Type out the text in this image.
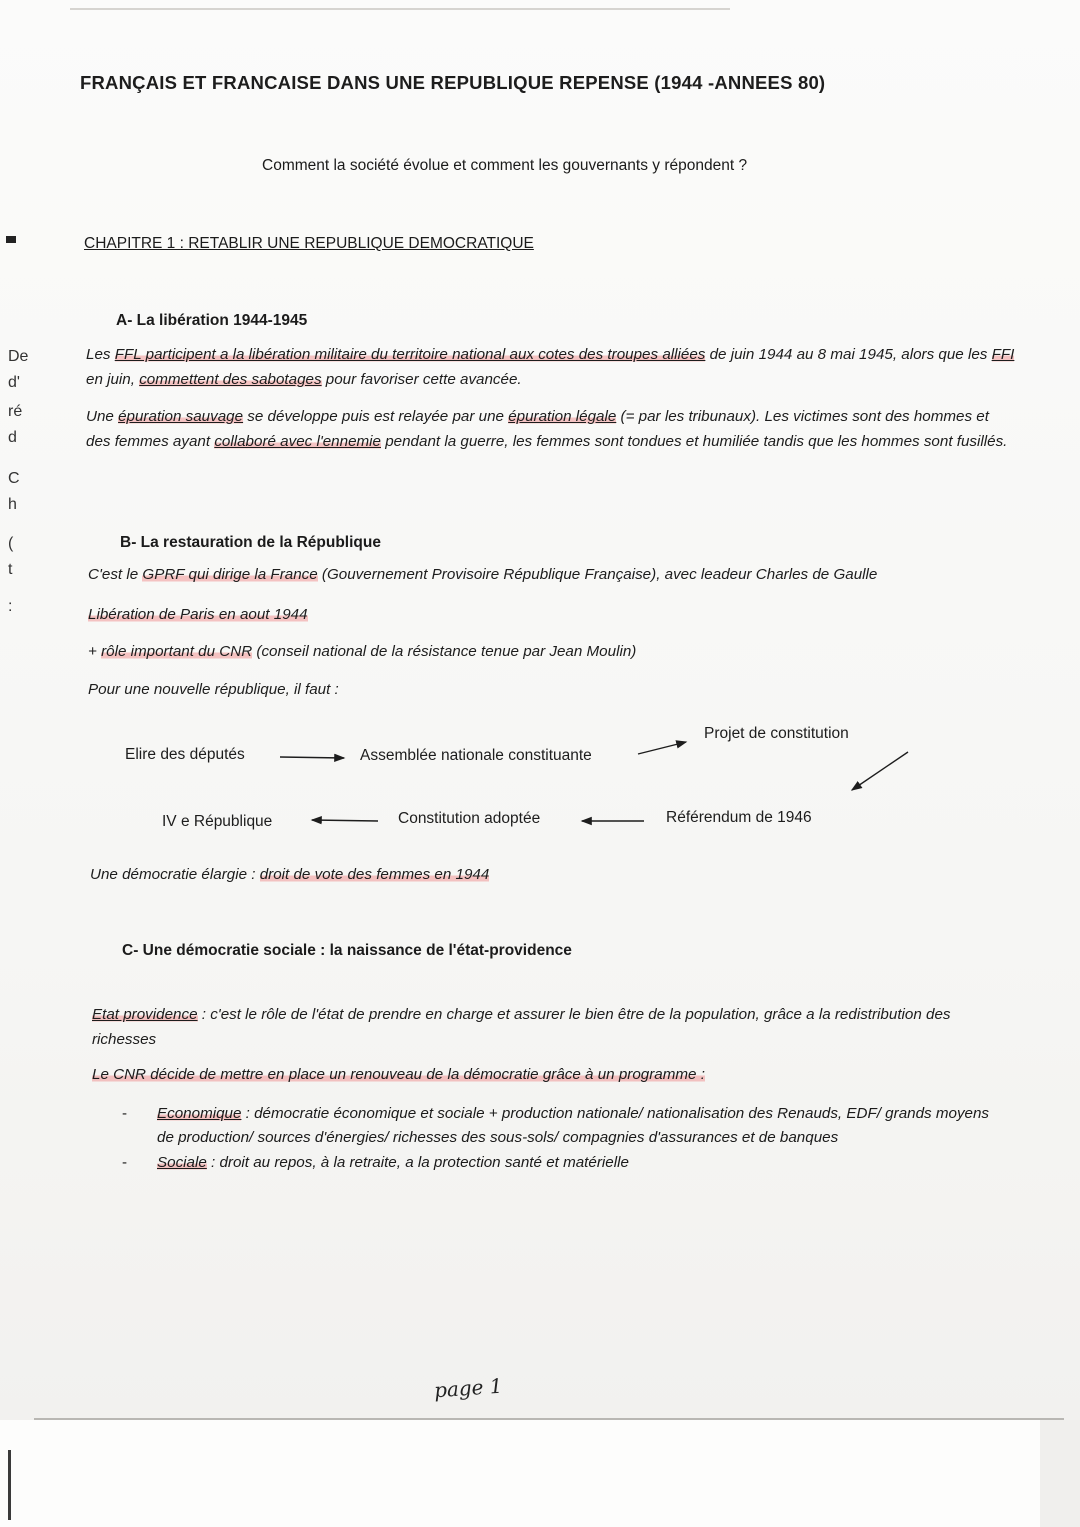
De
d'
ré
d
C
h
(
t
:
FRANÇAIS ET FRANCAISE DANS UNE REPUBLIQUE REPENSE (1944 -ANNEES 80)
Comment la société évolue et comment les gouvernants y répondent ?
CHAPITRE 1 : RETABLIR UNE REPUBLIQUE DEMOCRATIQUE
A- La libération 1944-1945
Les FFL participent a la libération militaire du territoire national aux cotes des troupes alliées de juin 1944 au 8 mai 1945, alors que les FFI en juin, commettent des sabotages pour favoriser cette avancée.
Une épuration sauvage se développe puis est relayée par une épuration légale (= par les tribunaux). Les victimes sont des hommes et des femmes ayant collaboré avec l'ennemie pendant la guerre, les femmes sont tondues et humiliée tandis que les hommes sont fusillés.
B- La restauration de la République
C'est le GPRF qui dirige la France (Gouvernement Provisoire République Française), avec leadeur Charles de Gaulle
Libération de Paris en aout 1944
+ rôle important du CNR (conseil national de la résistance tenue par Jean Moulin)
Pour une nouvelle république, il faut :
Elire des députés	Assemblée nationale constituante
Projet de constitution
Référendum de 1946
Constitution adoptée
IV e République
Une démocratie élargie : droit de vote des femmes en 1944
C- Une démocratie sociale : la naissance de l'état-providence
Etat providence : c'est le rôle de l'état de prendre en charge et assurer le bien être de la population, grâce a la redistribution des richesses
Le CNR décide de mettre en place un renouveau de la démocratie grâce à un programme :
- Economique : démocratie économique et sociale + production nationale/ nationalisation des Renauds, EDF/ grands moyens de production/ sources d'énergies/ richesses des sous-sols/ compagnies d'assurances et de banques
- Sociale : droit au repos, à la retraite, a la protection santé et matérielle
page 1
